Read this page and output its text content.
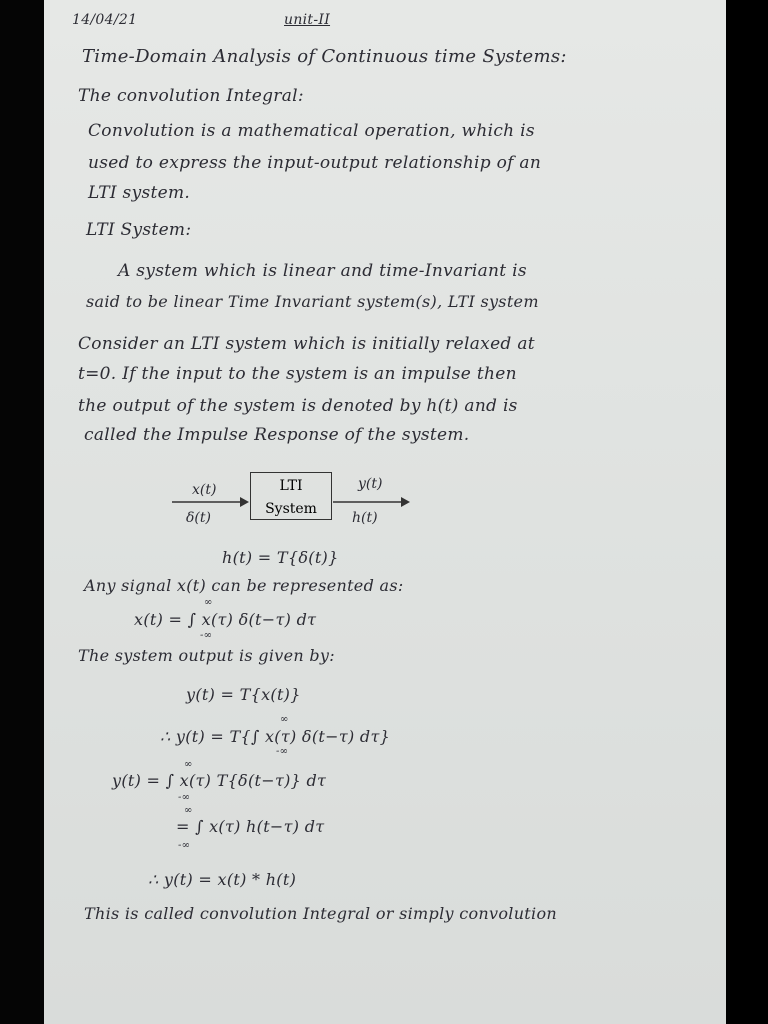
14/04/21	unit-II
Time-Domain Analysis of Continuous time Systems:
The convolution Integral:
Convolution is a mathematical operation, which is
used to express the input-output relationship of an
LTI system.
LTI System:
A system which is linear and time-Invariant is
said to be linear Time Invariant system(s), LTI system
Consider an LTI system which is initially relaxed at
t=0. If the input to the system is an impulse then
the output of the system is denoted by h(t) and is
called the Impulse Response of the system.
x(t)
δ(t)
LTI
System
y(t)
h(t)
h(t) = T{δ(t)}
Any signal x(t) can be represented as:
∞
x(t) = ∫ x(τ) δ(t−τ) dτ
-∞
The system output is given by:
y(t) = T{x(t)}
∞
∴ y(t) = T{∫ x(τ) δ(t−τ) dτ}
-∞
∞
y(t) = ∫ x(τ) T{δ(t−τ)} dτ
-∞
∞
= ∫ x(τ) h(t−τ) dτ
-∞
∴ y(t) = x(t) * h(t)
This is called convolution Integral or simply convolution
